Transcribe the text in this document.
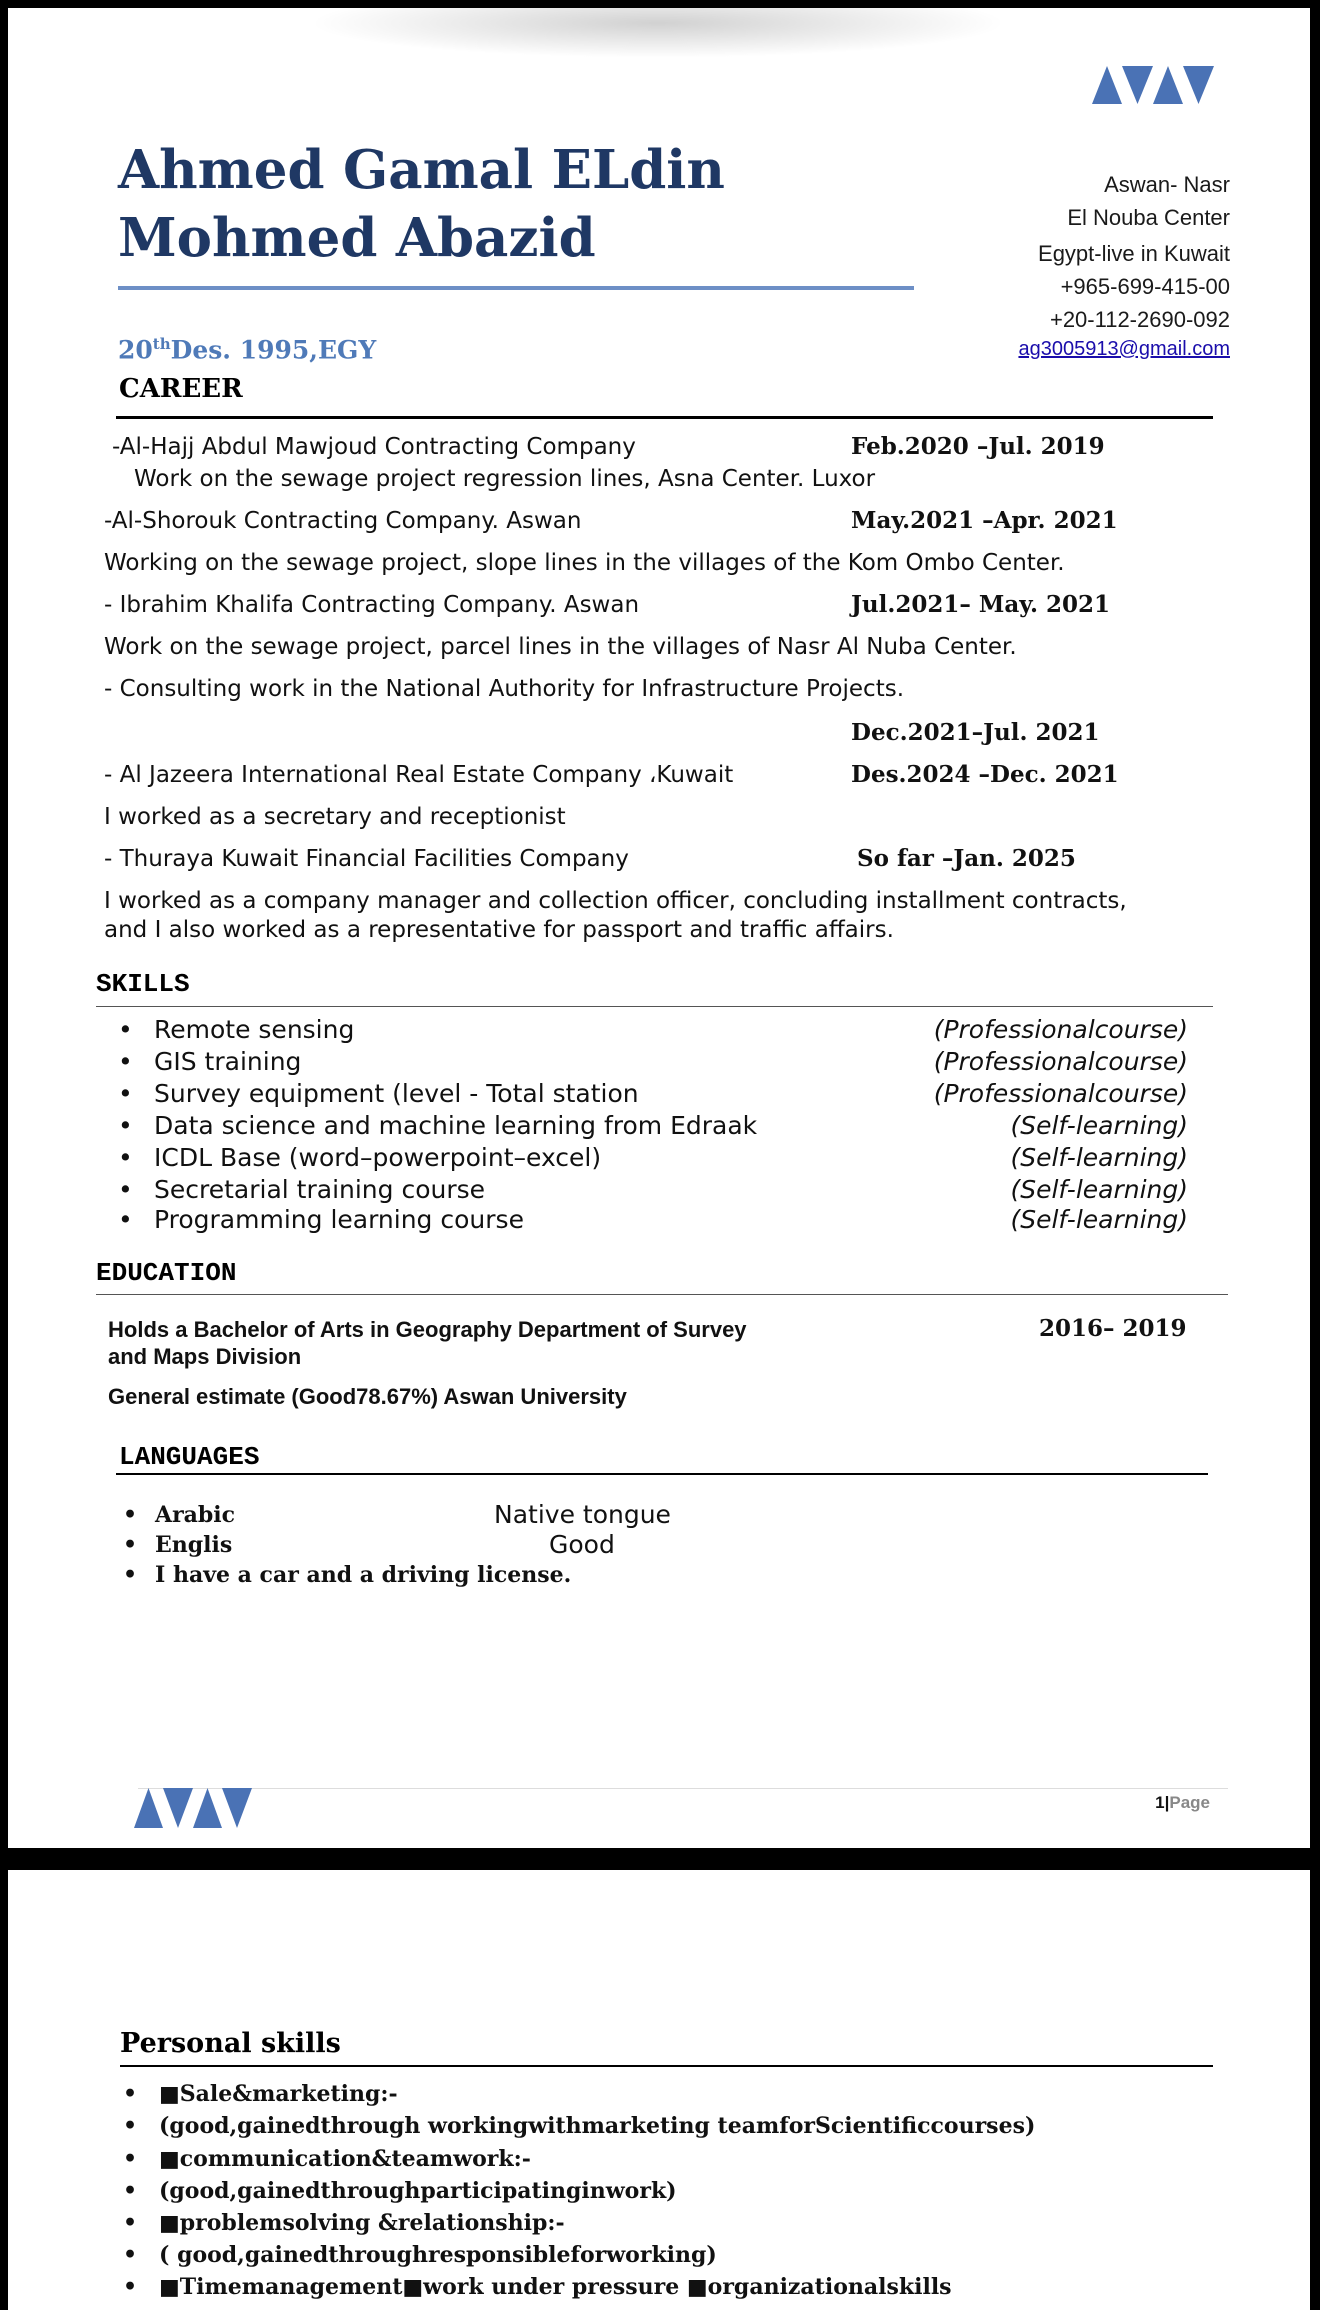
Ahmed Gamal ELdin Mohmed Abazid
20thDes. 1995,EGY
Aswan- Nasr
El Nouba Center
Egypt-live in Kuwait
+965-699-415-00
+20-112-2690-092
ag3005913@gmail.com
CAREER
-Al-Hajj Abdul Mawjoud Contracting Company	Feb.2020 –Jul. 2019
Work on the sewage project regression lines, Asna Center. Luxor
-Al-Shorouk Contracting Company. Aswan	May.2021 –Apr. 2021
Working on the sewage project, slope lines in the villages of the Kom Ombo Center.
- Ibrahim Khalifa Contracting Company. Aswan	Jul.2021– May. 2021
Work on the sewage project, parcel lines in the villages of Nasr Al Nuba Center.
- Consulting work in the National Authority for Infrastructure Projects.
Dec.2021–Jul. 2021
- Al Jazeera International Real Estate Company ،Kuwait	Des.2024 –Dec. 2021
I worked as a secretary and receptionist
- Thuraya Kuwait Financial Facilities Company	So far –Jan. 2025
I worked as a company manager and collection officer, concluding installment contracts,
and I also worked as a representative for passport and traffic affairs.
SKILLS
• Remote sensing	(Professionalcourse)
• GIS training	(Professionalcourse)
• Survey equipment (level - Total station	(Professionalcourse)
• Data science and machine learning from Edraak	(Self-learning)
• ICDL Base (word–powerpoint–excel)	(Self-learning)
• Secretarial training course	(Self-learning)
• Programming learning course	(Self-learning)
EDUCATION
Holds a Bachelor of Arts in Geography Department of Survey
and Maps Division
2016– 2019
General estimate (Good78.67%) Aswan University
LANGUAGES
• Arabic	Native tongue
• Englis	Good
• I have a car and a driving license.
1|Page
Personal skills
• ■Sale&marketing:-
• (good,gainedthrough workingwithmarketing teamforScientificcourses)
• ■communication&teamwork:-
• (good,gainedthroughparticipatinginwork)
• ■problemsolving &relationship:-
• ( good,gainedthroughresponsibleforworking)
• ■Timemanagement■work under pressure ■organizationalskills
